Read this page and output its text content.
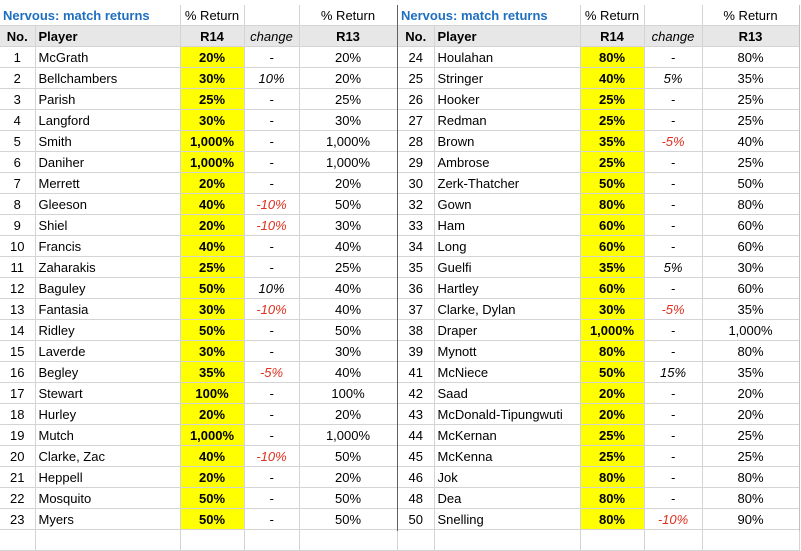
Nervous: match returns		% Return		% Return
No.	Player	R14	change	R13
1	McGrath	20%	-	20%
2	Bellchambers	30%	10%	20%
3	Parish	25%	-	25%
4	Langford	30%	-	30%
5	Smith	1,000%	-	1,000%
6	Daniher	1,000%	-	1,000%
7	Merrett	20%	-	20%
8	Gleeson	40%	-10%	50%
9	Shiel	20%	-10%	30%
10	Francis	40%	-	40%
11	Zaharakis	25%	-	25%
12	Baguley	50%	10%	40%
13	Fantasia	30%	-10%	40%
14	Ridley	50%	-	50%
15	Laverde	30%	-	30%
16	Begley	35%	-5%	40%
17	Stewart	100%	-	100%
18	Hurley	20%	-	20%
19	Mutch	1,000%	-	1,000%
20	Clarke, Zac	40%	-10%	50%
21	Heppell	20%	-	20%
22	Mosquito	50%	-	50%
23	Myers	50%	-	50%

Nervous: match returns		% Return		% Return
No.	Player	R14	change	R13
24	Houlahan	80%	-	80%
25	Stringer	40%	5%	35%
26	Hooker	25%	-	25%
27	Redman	25%	-	25%
28	Brown	35%	-5%	40%
29	Ambrose	25%	-	25%
30	Zerk-Thatcher	50%	-	50%
32	Gown	80%	-	80%
33	Ham	60%	-	60%
34	Long	60%	-	60%
35	Guelfi	35%	5%	30%
36	Hartley	60%	-	60%
37	Clarke, Dylan	30%	-5%	35%
38	Draper	1,000%	-	1,000%
39	Mynott	80%	-	80%
41	McNiece	50%	15%	35%
42	Saad	20%	-	20%
43	McDonald-Tipungwuti	20%	-	20%
44	McKernan	25%	-	25%
45	McKenna	25%	-	25%
46	Jok	80%	-	80%
48	Dea	80%	-	80%
50	Snelling	80%	-10%	90%
